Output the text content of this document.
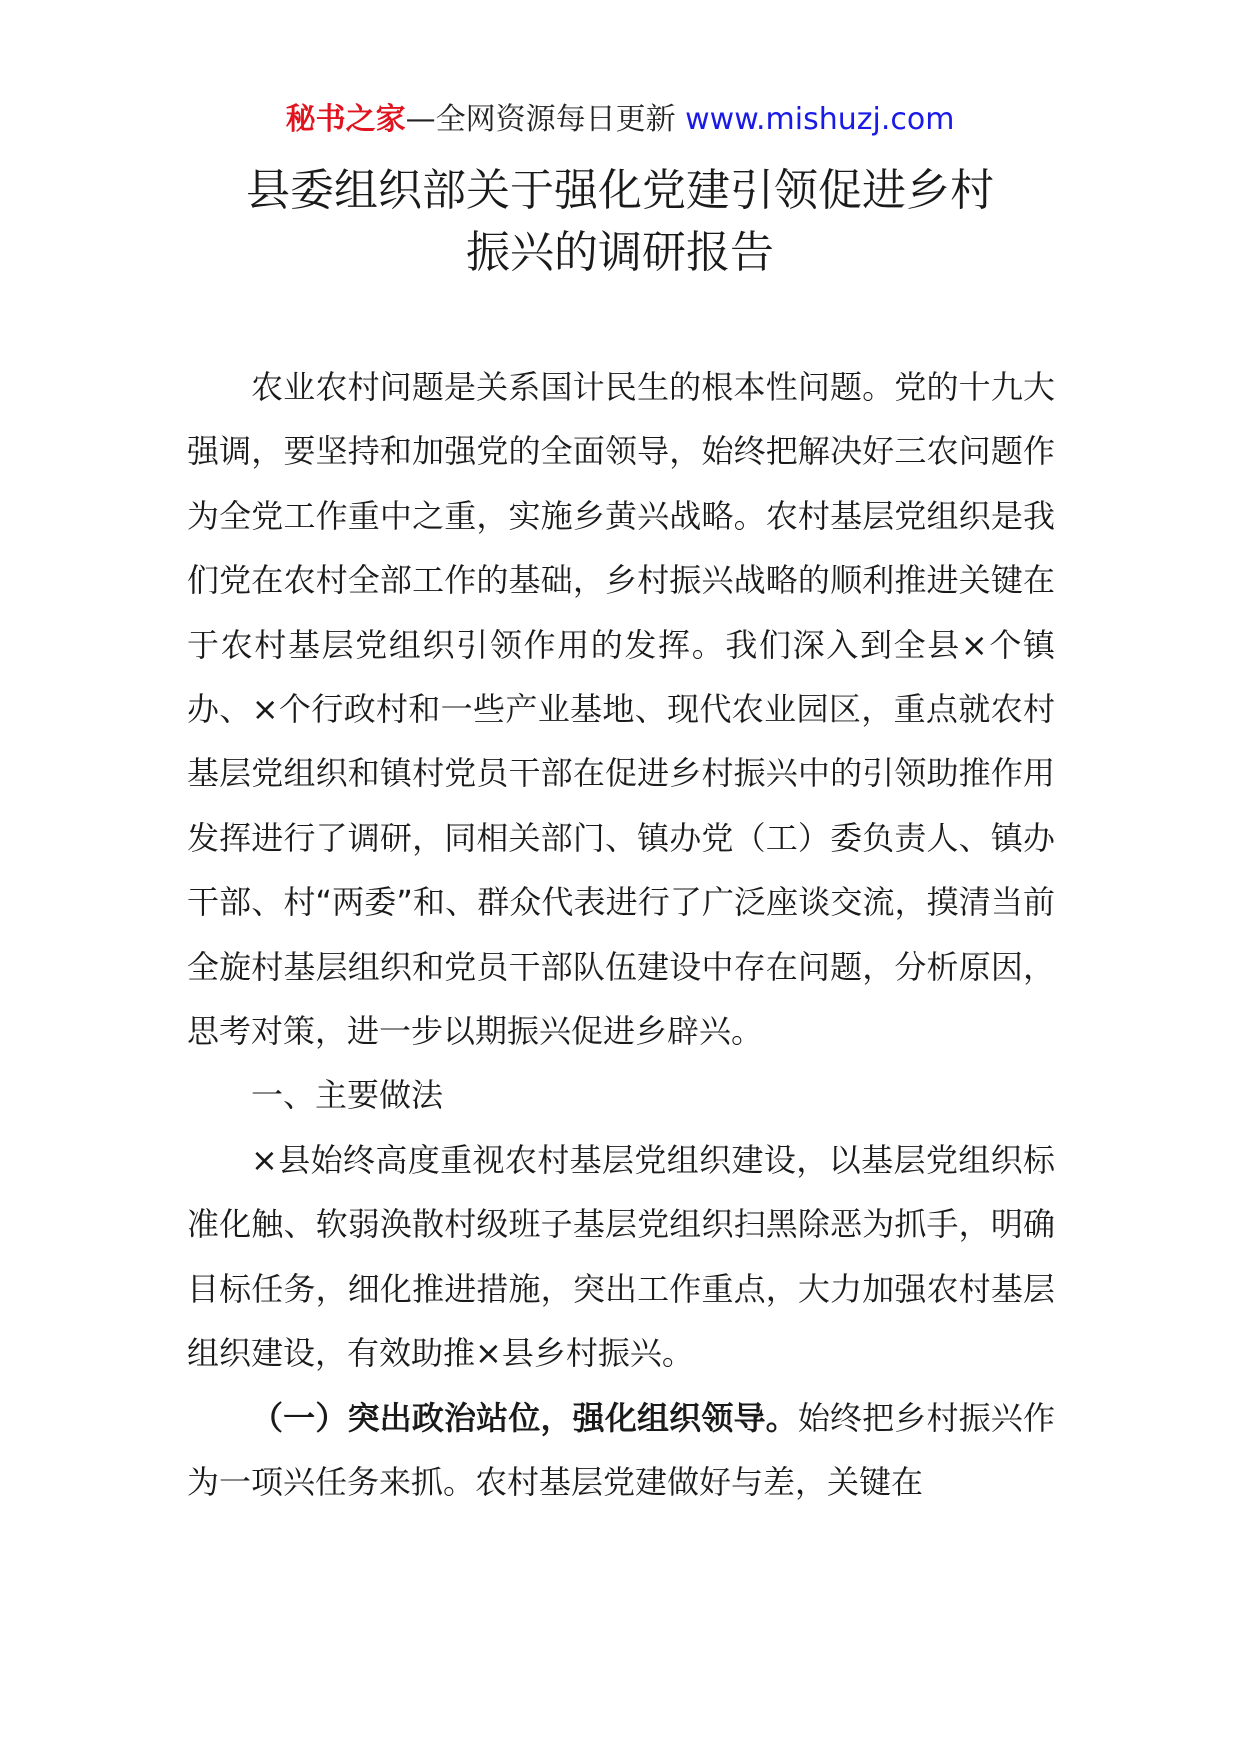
秘书之家—全网资源每日更新 www.mishuzj.com
县委组织部关于强化党建引领促进乡村
振兴的调研报告

农业农村问题是关系国计民生的根本性问题。党的十九大强调，要坚持和加强党的全面领导，始终把解决好三农问题作为全党工作重中之重，实施乡黄兴战略。农村基层党组织是我们党在农村全部工作的基础，乡村振兴战略的顺利推进关键在于农村基层党组织引领作用的发挥。我们深入到全县×个镇办、×个行政村和一些产业基地、现代农业园区，重点就农村基层党组织和镇村党员干部在促进乡村振兴中的引领助推作用发挥进行了调研，同相关部门、镇办党（工）委负责人、镇办干部、村“两委”和、群众代表进行了广泛座谈交流，摸清当前全旋村基层组织和党员干部队伍建设中存在问题，分析原因，思考对策，进一步以期振兴促进乡辟兴。

一、主要做法

×县始终高度重视农村基层党组织建设，以基层党组织标准化触、软弱涣散村级班子基层党组织扫黑除恶为抓手，明确目标任务，细化推进措施，突出工作重点，大力加强农村基层组织建设，有效助推×县乡村振兴。

（一）突出政治站位，强化组织领导。始终把乡村振兴作为一项兴任务来抓。农村基层党建做好与差，关键在
